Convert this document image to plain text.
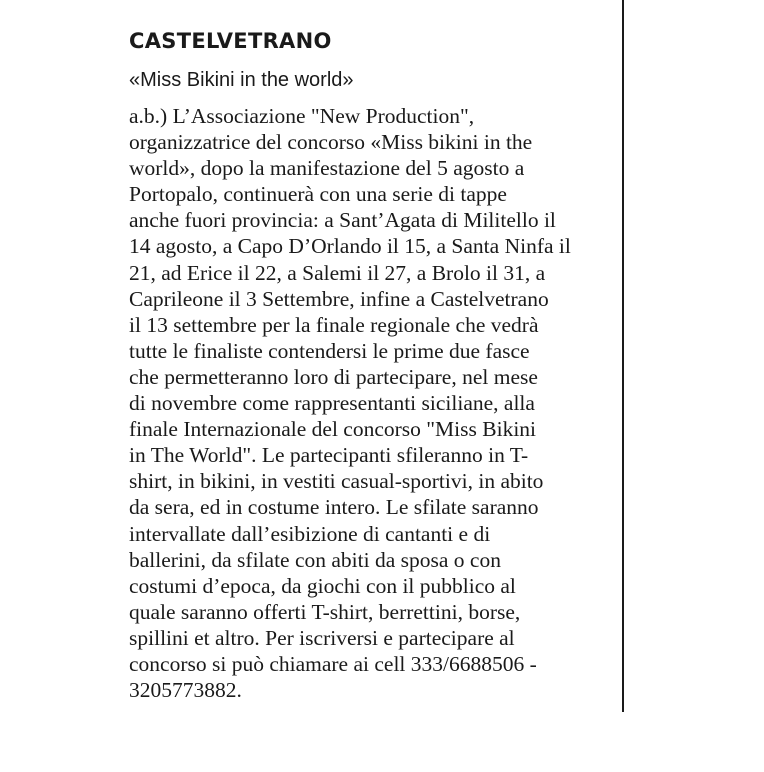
CASTELVETRANO
«Miss Bikini in the world»
a.b.) L’Associazione "New Production",
organizzatrice del concorso «Miss bikini in the
world», dopo la manifestazione del 5 agosto a
Portopalo, continuerà con una serie di tappe
anche fuori provincia: a Sant’Agata di Militello il
14 agosto, a Capo D’Orlando il 15, a Santa Ninfa il
21, ad Erice il 22, a Salemi il 27, a Brolo il 31, a
Caprileone il 3 Settembre, infine a Castelvetrano
il 13 settembre per la finale regionale che vedrà
tutte le finaliste contendersi le prime due fasce
che permetteranno loro di partecipare, nel mese
di novembre come rappresentanti siciliane, alla
finale Internazionale del concorso "Miss Bikini
in The World". Le partecipanti sfileranno in T-
shirt, in bikini, in vestiti casual-sportivi, in abito
da sera, ed in costume intero. Le sfilate saranno
intervallate dall’esibizione di cantanti e di
ballerini, da sfilate con abiti da sposa o con
costumi d’epoca, da giochi con il pubblico al
quale saranno offerti T-shirt, berrettini, borse,
spillini et altro. Per iscriversi e partecipare al
concorso si può chiamare ai cell 333/6688506 -
3205773882.
